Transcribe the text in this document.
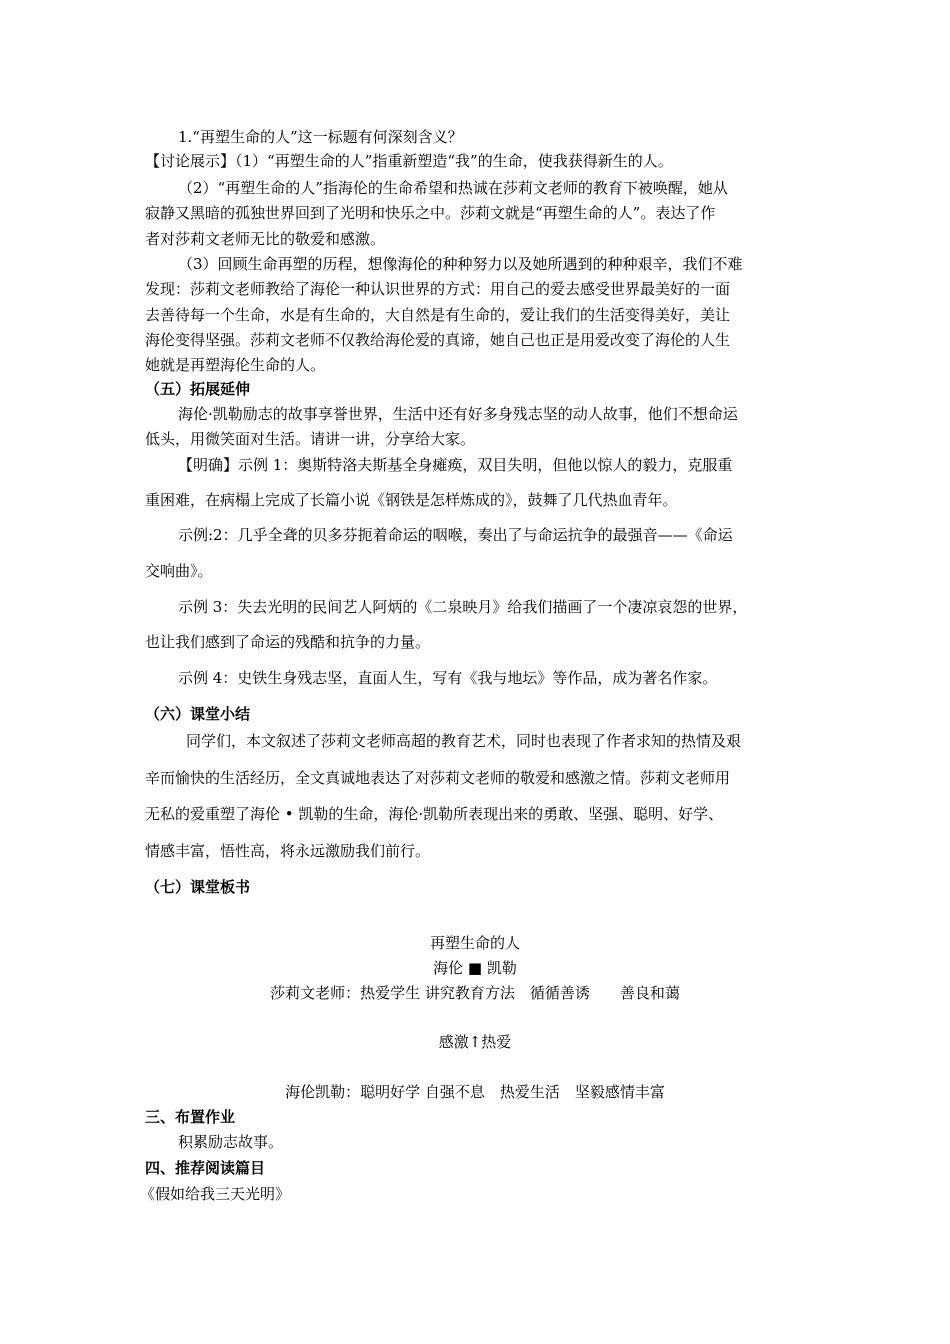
1.“再塑生命的人”这一标题有何深刻含义？
【讨论展示】（1）“再塑生命的人”指重新塑造“我”的生命，使我获得新生的人。
（2）“再塑生命的人”指海伦的生命希望和热诚在莎莉文老师的教育下被唤醒，她从
寂静又黑暗的孤独世界回到了光明和快乐之中。莎莉文就是“再塑生命的人”。表达了作
者对莎莉文老师无比的敬爱和感激。
（3）回顾生命再塑的历程，想像海伦的种种努力以及她所遇到的种种艰辛，我们不难
发现：莎莉文老师教给了海伦一种认识世界的方式：用自己的爱去感受世界最美好的一面
去善待每一个生命，水是有生命的，大自然是有生命的，爱让我们的生活变得美好，美让
海伦变得坚强。莎莉文老师不仅教给海伦爱的真谛，她自己也正是用爱改变了海伦的人生
她就是再塑海伦生命的人。
（五）拓展延伸
海伦·凯勒励志的故事享誉世界，生活中还有好多身残志坚的动人故事，他们不想命运
低头，用微笑面对生活。请讲一讲，分享给大家。
【明确】示例 1：奥斯特洛夫斯基全身瘫痪，双目失明，但他以惊人的毅力，克服重
重困难，在病榻上完成了长篇小说《钢铁是怎样炼成的》，鼓舞了几代热血青年。
示例:2：几乎全聋的贝多芬扼着命运的咽喉，奏出了与命运抗争的最强音——《命运
交响曲》。
示例 3：失去光明的民间艺人阿炳的《二泉映月》给我们描画了一个凄凉哀怨的世界，
也让我们感到了命运的残酷和抗争的力量。
示例 4：史铁生身残志坚，直面人生，写有《我与地坛》等作品，成为著名作家。
（六）课堂小结
同学们，本文叙述了莎莉文老师高超的教育艺术，同时也表现了作者求知的热情及艰
辛而愉快的生活经历，全文真诚地表达了对莎莉文老师的敬爱和感激之情。莎莉文老师用
无私的爱重塑了海伦 • 凯勒的生命，海伦·凯勒所表现出来的勇敢、坚强、聪明、好学、
情感丰富，悟性高，将永远激励我们前行。
（七）课堂板书
再塑生命的人
海伦 ■ 凯勒
莎莉文老师：热爱学生 讲究教育方法　循循善诱　　善良和蔼
感激↑热爱
海伦凯勒：聪明好学 自强不息　热爱生活　坚毅感情丰富
三、布置作业
积累励志故事。
四、推荐阅读篇目
《假如给我三天光明》
